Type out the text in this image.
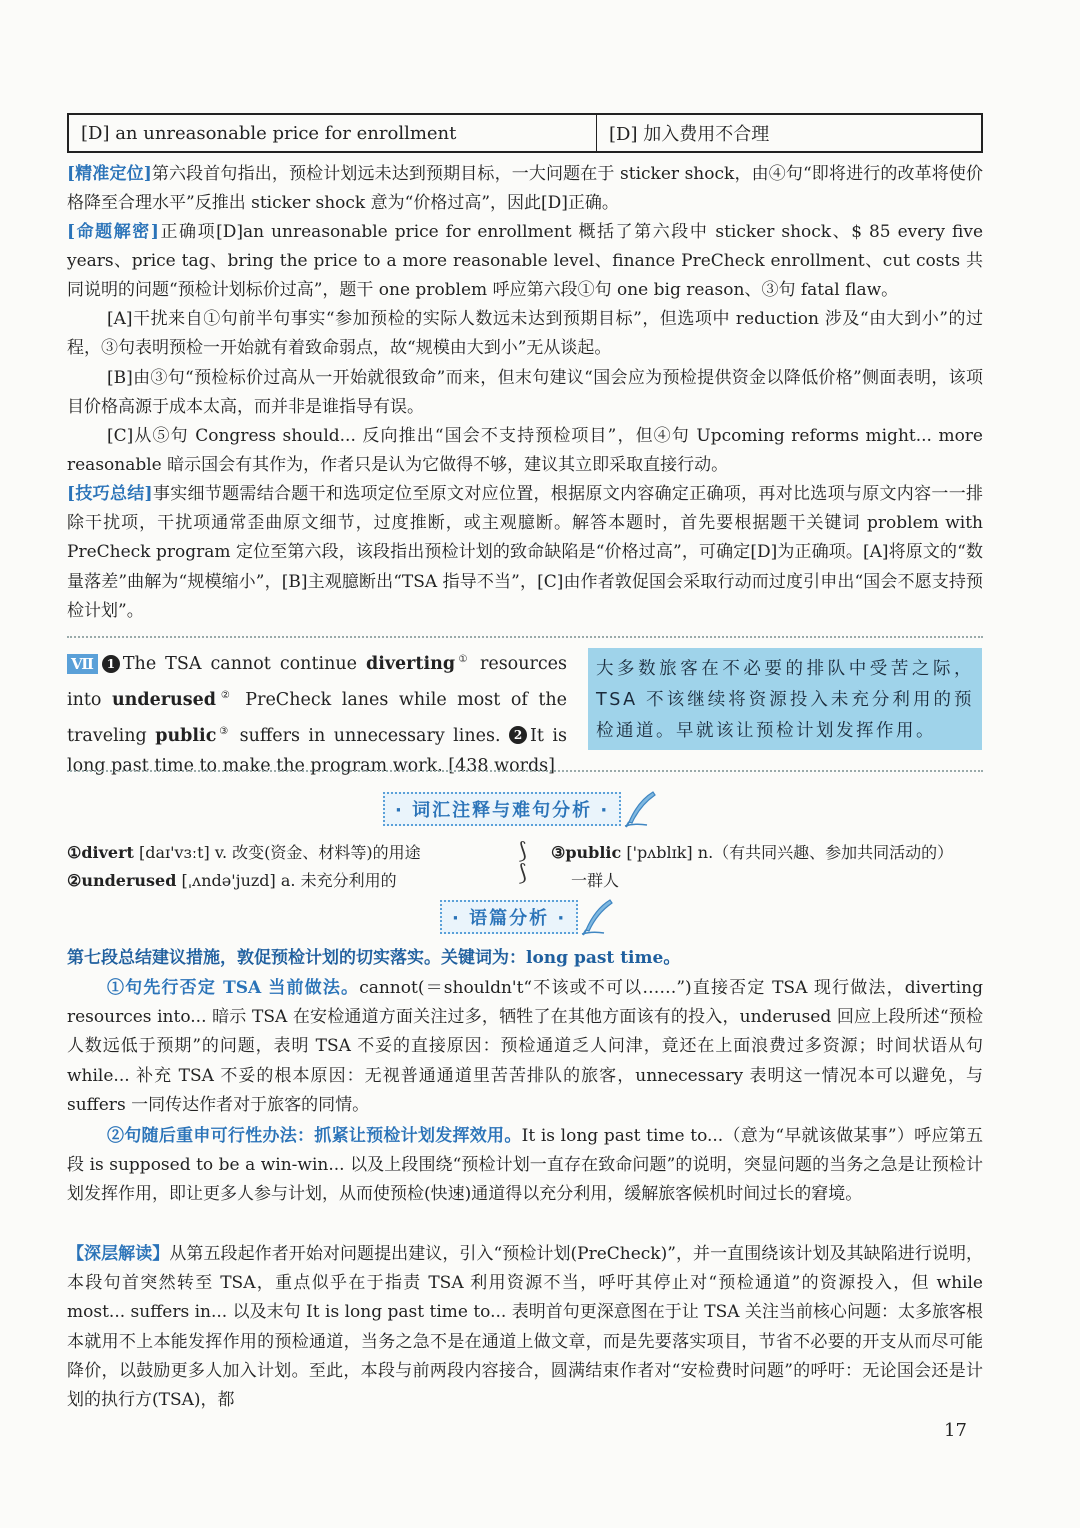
[D] an unreasonable price for enrollment	[D] 加入费用不合理

[精准定位]第六段首句指出，预检计划远未达到预期目标，一大问题在于 sticker shock，由④句“即将进行的改革将使价格降至合理水平”反推出 sticker shock 意为“价格过高”，因此[D]正确。

[命题解密]正确项[D]an unreasonable price for enrollment 概括了第六段中 sticker shock、$ 85 every five years、price tag、bring the price to a more reasonable level、finance PreCheck enrollment、cut costs 共同说明的问题“预检计划标价过高”，题干 one problem 呼应第六段①句 one big reason、③句 fatal flaw。

[A]干扰来自①句前半句事实“参加预检的实际人数远未达到预期目标”，但选项中 reduction 涉及“由大到小”的过程，③句表明预检一开始就有着致命弱点，故“规模由大到小”无从谈起。

[B]由③句“预检标价过高从一开始就很致命”而来，但末句建议“国会应为预检提供资金以降低价格”侧面表明，该项目价格高源于成本太高，而并非是谁指导有误。

[C]从⑤句 Congress should... 反向推出“国会不支持预检项目”，但④句 Upcoming reforms might... more reasonable 暗示国会有其作为，作者只是认为它做得不够，建议其立即采取直接行动。

[技巧总结]事实细节题需结合题干和选项定位至原文对应位置，根据原文内容确定正确项，再对比选项与原文内容一一排除干扰项，干扰项通常歪曲原文细节，过度推断，或主观臆断。解答本题时，首先要根据题干关键词 problem with PreCheck program 定位至第六段，该段指出预检计划的致命缺陷是“价格过高”，可确定[D]为正确项。[A]将原文的“数量落差”曲解为“规模缩小”，[B]主观臆断出“TSA 指导不当”，[C]由作者敦促国会采取行动而过度引申出“国会不愿支持预检计划”。

Ⅶ 1 The TSA cannot continue diverting① resources into underused② PreCheck lanes while most of the traveling public③ suffers in unnecessary lines. 2 It is long past time to make the program work. [438 words]

大多数旅客在不必要的排队中受苦之际，TSA 不该继续将资源投入未充分利用的预检通道。早就该让预检计划发挥作用。
· 词汇注释与难句分析 ·
①divert [daɪ'vɜːt] v. 改变(资金、材料等)的用途
②underused [ˌʌndə'juzd] a. 未充分利用的
⟆
⟆
③public ['pʌblɪk] n.（有共同兴趣、参加共同活动的）
一群人
· 语篇分析 ·

第七段总结建议措施，敦促预检计划的切实落实。关键词为：long past time。

①句先行否定 TSA 当前做法。cannot(＝shouldn't“不该或不可以……”)直接否定 TSA 现行做法，diverting resources into... 暗示 TSA 在安检通道方面关注过多，牺牲了在其他方面该有的投入，underused 回应上段所述“预检人数远低于预期”的问题，表明 TSA 不妥的直接原因：预检通道乏人问津，竟还在上面浪费过多资源；时间状语从句 while... 补充 TSA 不妥的根本原因：无视普通通道里苦苦排队的旅客，unnecessary 表明这一情况本可以避免，与 suffers 一同传达作者对于旅客的同情。

②句随后重申可行性办法：抓紧让预检计划发挥效用。It is long past time to...（意为“早就该做某事”）呼应第五段 is supposed to be a win-win... 以及上段围绕“预检计划一直存在致命问题”的说明，突显问题的当务之急是让预检计划发挥作用，即让更多人参与计划，从而使预检(快速)通道得以充分利用，缓解旅客候机时间过长的窘境。

【深层解读】从第五段起作者开始对问题提出建议，引入“预检计划(PreCheck)”，并一直围绕该计划及其缺陷进行说明，本段句首突然转至 TSA，重点似乎在于指责 TSA 利用资源不当，呼吁其停止对“预检通道”的资源投入，但 while most... suffers in... 以及末句 It is long past time to... 表明首句更深意图在于让 TSA 关注当前核心问题：太多旅客根本就用不上本能发挥作用的预检通道，当务之急不是在通道上做文章，而是先要落实项目，节省不必要的开支从而尽可能降价，以鼓励更多人加入计划。至此，本段与前两段内容接合，圆满结束作者对“安检费时问题”的呼吁：无论国会还是计划的执行方(TSA)，都

17
